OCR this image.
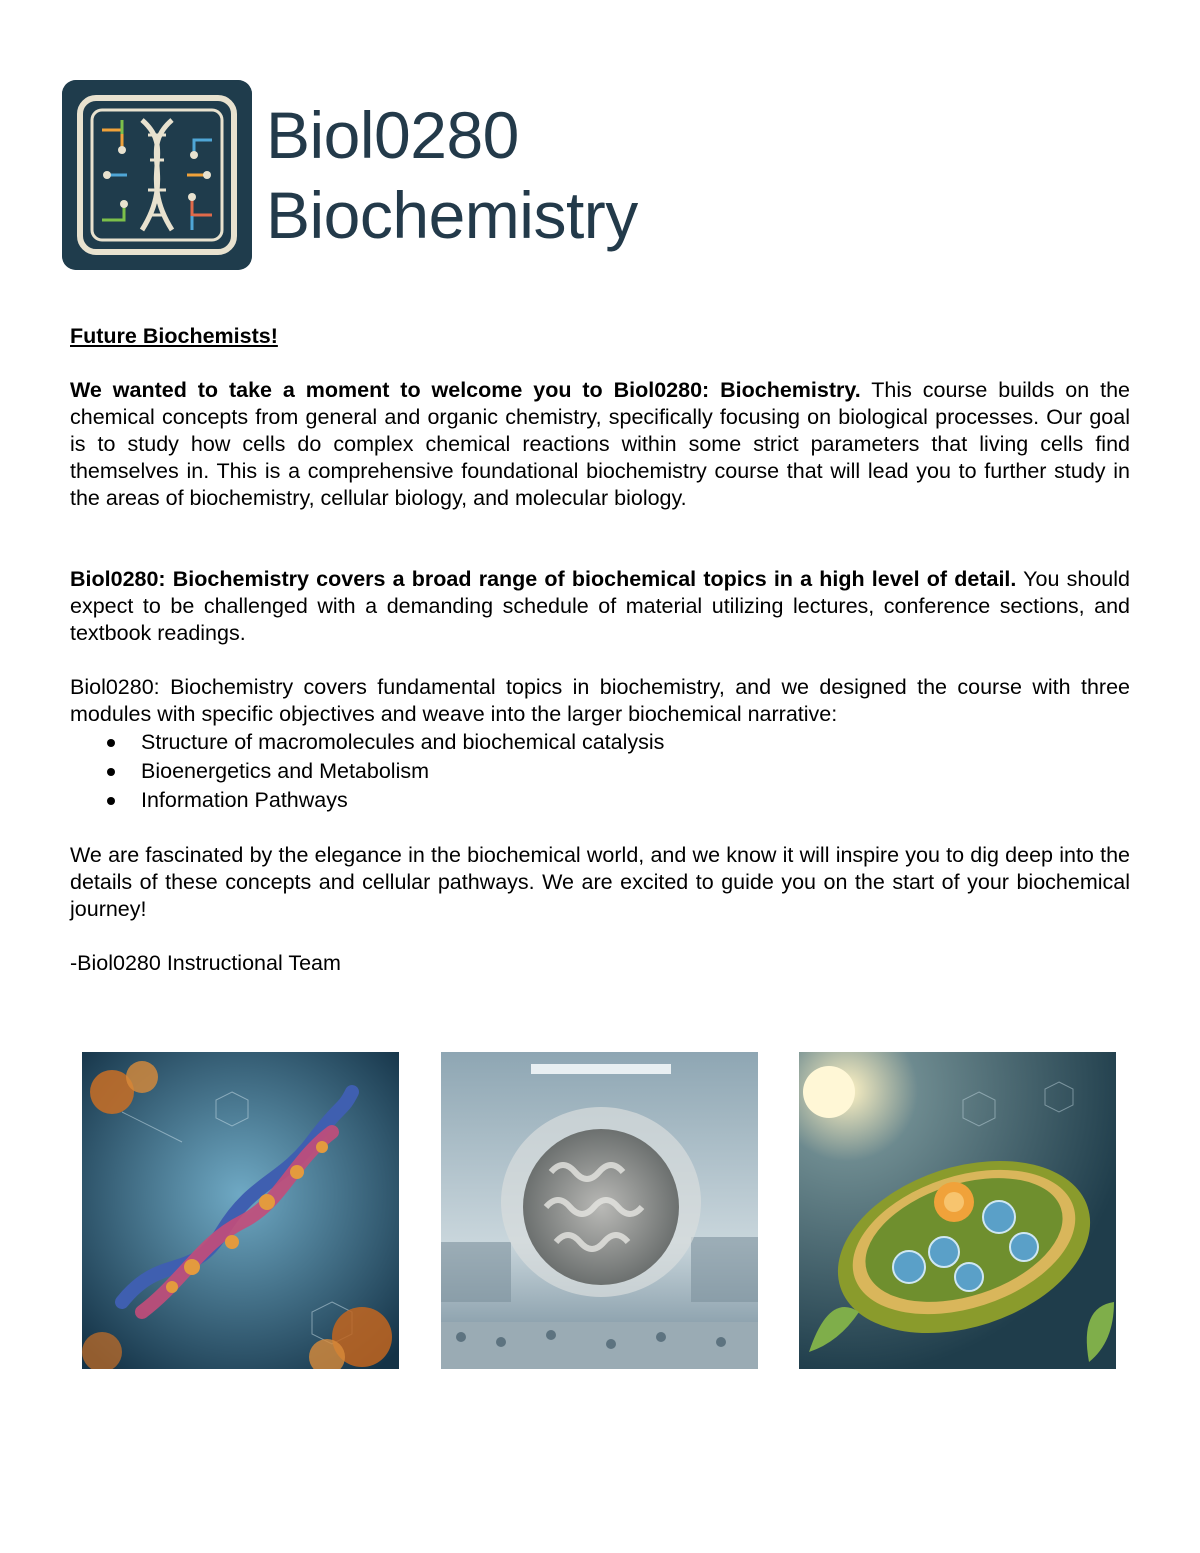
Biol0280
Biochemistry

Future Biochemists!

We wanted to take a moment to welcome you to Biol0280: Biochemistry. This course builds on the chemical concepts from general and organic chemistry, specifically focusing on biological processes. Our goal is to study how cells do complex chemical reactions within some strict parameters that living cells find themselves in. This is a comprehensive foundational biochemistry course that will lead you to further study in the areas of biochemistry, cellular biology, and molecular biology.

Biol0280: Biochemistry covers a broad range of biochemical topics in a high level of detail. You should expect to be challenged with a demanding schedule of material utilizing lectures, conference sections, and textbook readings.

Biol0280: Biochemistry covers fundamental topics in biochemistry, and we designed the course with three modules with specific objectives and weave into the larger biochemical narrative:

Structure of macromolecules and biochemical catalysis
Bioenergetics and Metabolism
Information Pathways

We are fascinated by the elegance in the biochemical world, and we know it will inspire you to dig deep into the details of these concepts and cellular pathways. We are excited to guide you on the start of your biochemical journey!

-Biol0280 Instructional Team
